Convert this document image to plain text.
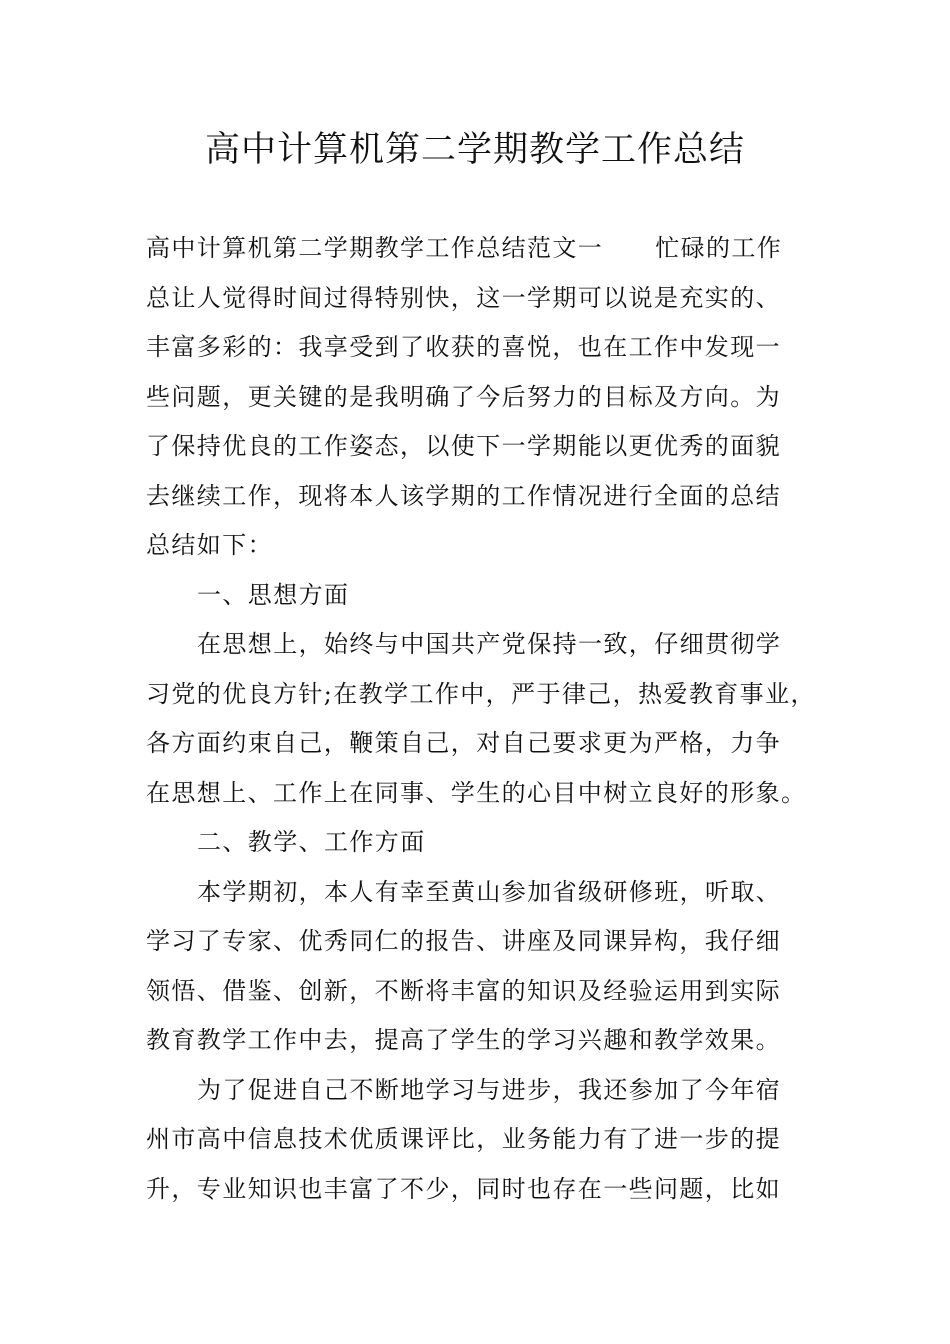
高中计算机第二学期教学工作总结
高中计算机第二学期教学工作总结范文一 忙碌的工作
总让人觉得时间过得特别快，这一学期可以说是充实的、
丰富多彩的：我享受到了收获的喜悦，也在工作中发现一
些问题，更关键的是我明确了今后努力的目标及方向。为
了保持优良的工作姿态，以使下一学期能以更优秀的面貌
去继续工作，现将本人该学期的工作情况进行全面的总结
总结如下：
一、思想方面
在思想上，始终与中国共产党保持一致，仔细贯彻学
习党的优良方针;在教学工作中，严于律己，热爱教育事业，
各方面约束自己，鞭策自己，对自己要求更为严格，力争
在思想上、工作上在同事、学生的心目中树立良好的形象。
二、教学、工作方面
本学期初，本人有幸至黄山参加省级研修班，听取、
学习了专家、优秀同仁的报告、讲座及同课异构，我仔细
领悟、借鉴、创新，不断将丰富的知识及经验运用到实际
教育教学工作中去，提高了学生的学习兴趣和教学效果。
为了促进自己不断地学习与进步，我还参加了今年宿
州市高中信息技术优质课评比，业务能力有了进一步的提
升，专业知识也丰富了不少，同时也存在一些问题，比如
